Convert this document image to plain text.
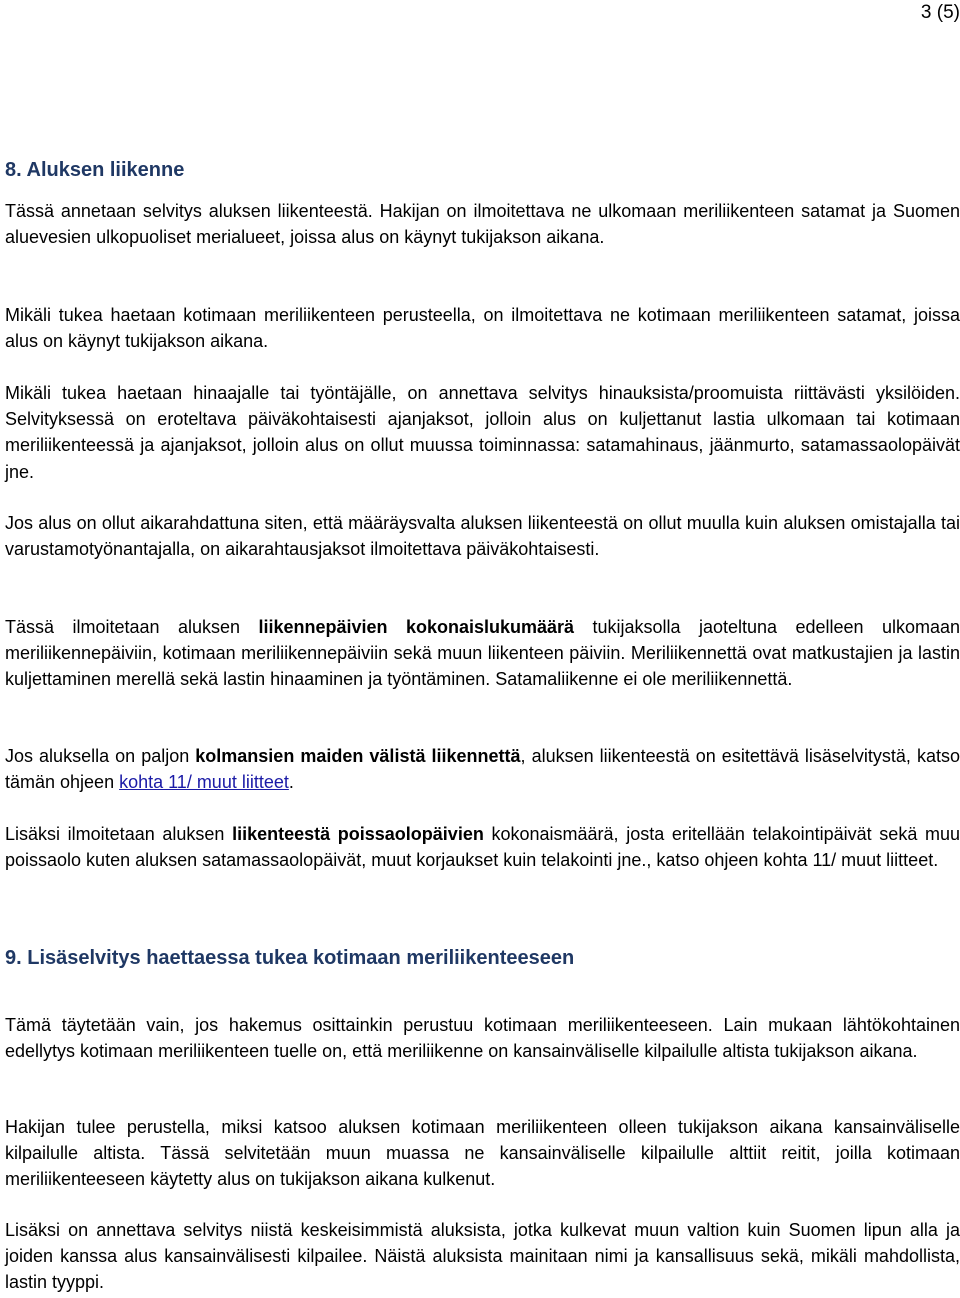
3 (5)
8. Aluksen liikenne

Tässä annetaan selvitys aluksen liikenteestä. Hakijan on ilmoitettava ne ulkomaan meriliikenteen satamat ja Suomen aluevesien ulkopuoliset merialueet, joissa alus on käynyt tukijakson aikana.

Mikäli tukea haetaan kotimaan meriliikenteen perusteella, on ilmoitettava ne kotimaan meriliikenteen satamat, joissa alus on käynyt tukijakson aikana.

Mikäli tukea haetaan hinaajalle tai työntäjälle, on annettava selvitys hinauksista/proomuista riittävästi yksilöiden. Selvityksessä on eroteltava päiväkohtaisesti ajanjaksot, jolloin alus on kuljettanut lastia ulkomaan tai kotimaan meriliikenteessä ja ajanjaksot, jolloin alus on ollut muussa toiminnassa: satamahinaus, jäänmurto, satamassaolopäivät jne.

Jos alus on ollut aikarahdattuna siten, että määräysvalta aluksen liikenteestä on ollut muulla kuin aluksen omistajalla tai varustamotyönantajalla, on aikarahtausjaksot ilmoitettava päiväkohtaisesti.

Tässä ilmoitetaan aluksen liikennepäivien kokonaislukumäärä tukijaksolla jaoteltuna edelleen ulkomaan meriliikennepäiviin, kotimaan meriliikennepäiviin sekä muun liikenteen päiviin. Meriliikennettä ovat matkustajien ja lastin kuljettaminen merellä sekä lastin hinaaminen ja työntäminen. Satamaliikenne ei ole meriliikennettä.

Jos aluksella on paljon kolmansien maiden välistä liikennettä, aluksen liikenteestä on esitettävä lisäselvitystä, katso tämän ohjeen kohta 11/ muut liitteet.

Lisäksi ilmoitetaan aluksen liikenteestä poissaolopäivien kokonaismäärä, josta eritellään telakointipäivät sekä muu poissaolo kuten aluksen satamassaolopäivät, muut korjaukset kuin telakointi jne., katso ohjeen kohta 11/ muut liitteet.

9. Lisäselvitys haettaessa tukea kotimaan meriliikenteeseen

Tämä täytetään vain, jos hakemus osittainkin perustuu kotimaan meriliikenteeseen. Lain mukaan lähtökohtainen edellytys kotimaan meriliikenteen tuelle on, että meriliikenne on kansainväliselle kilpailulle altista tukijakson aikana.

Hakijan tulee perustella, miksi katsoo aluksen kotimaan meriliikenteen olleen tukijakson aikana kansainväliselle kilpailulle altista. Tässä selvitetään muun muassa ne kansainväliselle kilpailulle alttiit reitit, joilla kotimaan meriliikenteeseen käytetty alus on tukijakson aikana kulkenut.

Lisäksi on annettava selvitys niistä keskeisimmistä aluksista, jotka kulkevat muun valtion kuin Suomen lipun alla ja joiden kanssa alus kansainvälisesti kilpailee. Näistä aluksista mainitaan nimi ja kansallisuus sekä, mikäli mahdollista, lastin tyyppi.
